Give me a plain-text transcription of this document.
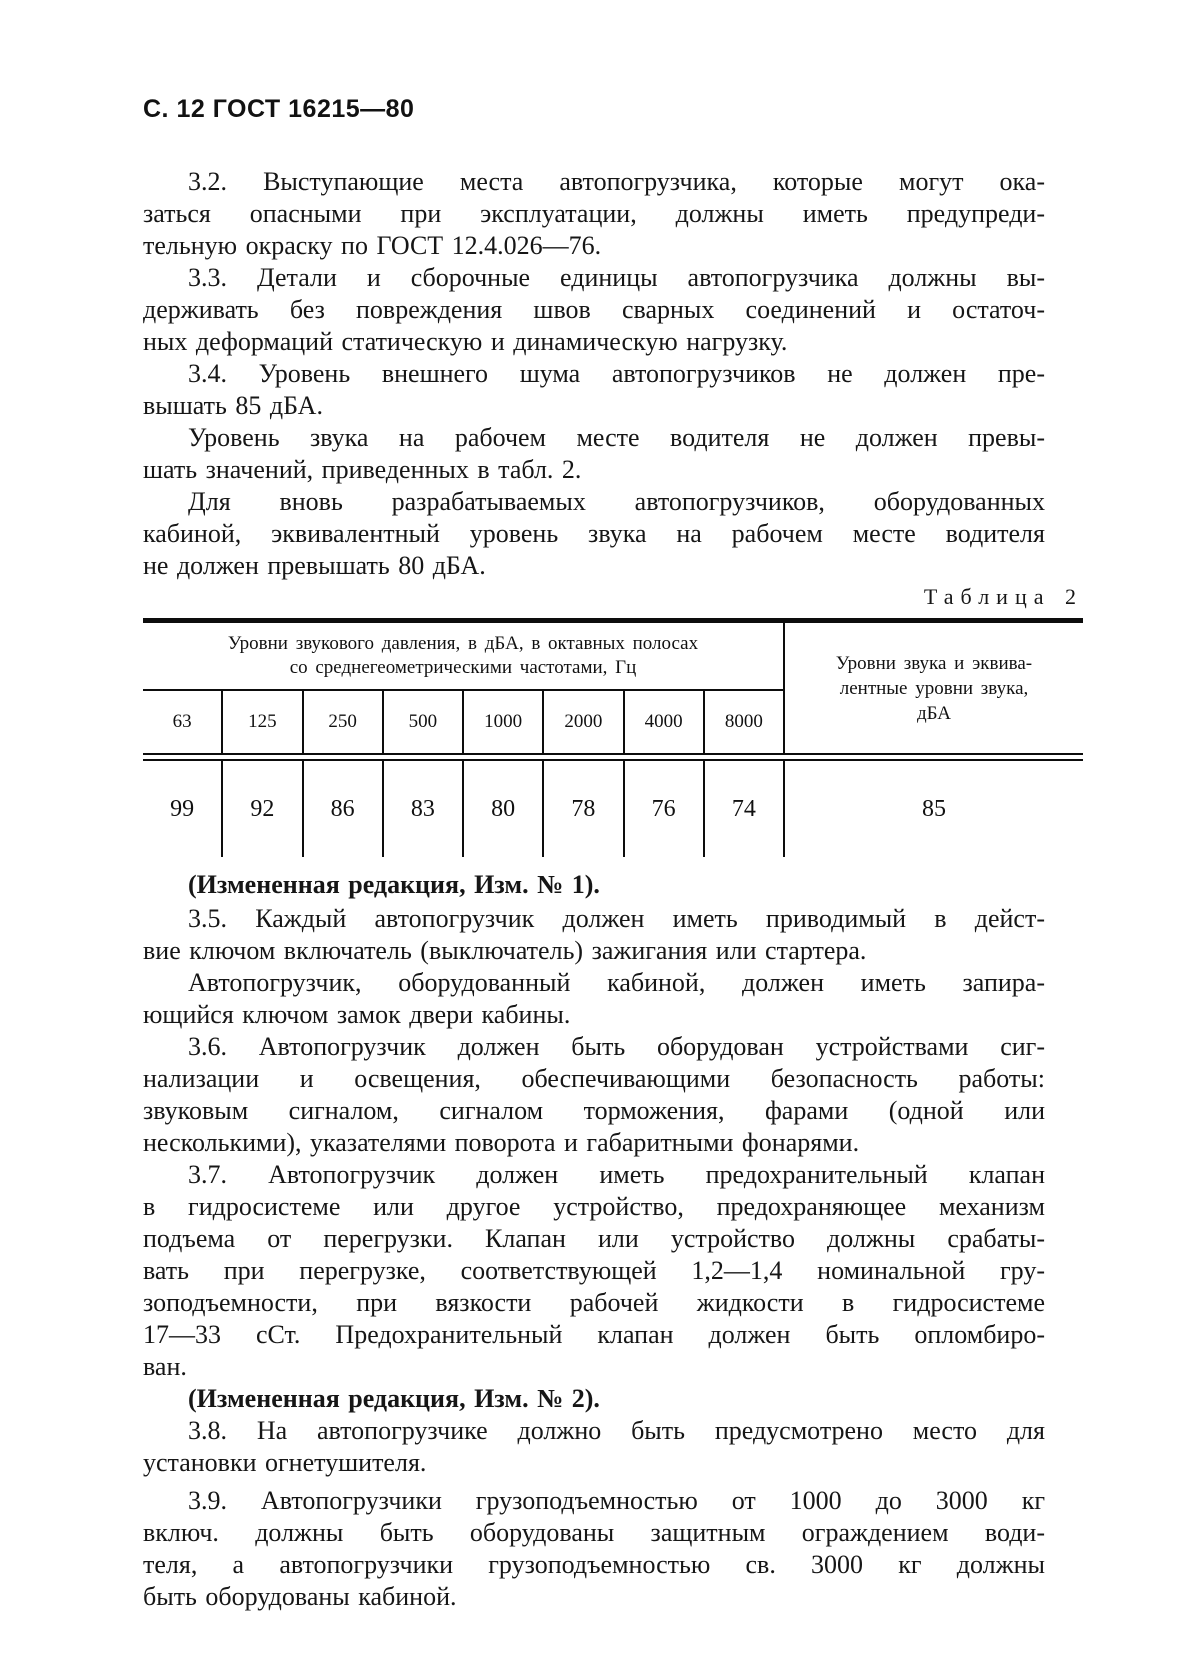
С. 12 ГОСТ 16215—80
3.2. Выступающие места автопогрузчика, которые могут ока-
заться опасными при эксплуатации, должны иметь предупреди-
тельную окраску по ГОСТ 12.4.026—76.
3.3. Детали и сборочные единицы автопогрузчика должны вы-
держивать без повреждения швов сварных соединений и остаточ-
ных деформаций статическую и динамическую нагрузку.
3.4. Уровень внешнего шума автопогрузчиков не должен пре-
вышать 85 дБА.
Уровень звука на рабочем месте водителя не должен превы-
шать значений, приведенных в табл. 2.
Для вновь разрабатываемых автопогрузчиков, оборудованных
кабиной, эквивалентный уровень звука на рабочем месте водителя
не должен превышать 80 дБА.
Таблица 2
Уровни звукового давления, в дБА, в октавных полосах
со среднегеометрическими частотами, Гц
63	125	250	500	1000	2000	4000	8000
Уровни звука и эквива-
лентные уровни звука,
дБА
99	92	86	83	80	78	76	74	85
(Измененная редакция, Изм. № 1).
3.5. Каждый автопогрузчик должен иметь приводимый в дейст-
вие ключом включатель (выключатель) зажигания или стартера.
Автопогрузчик, оборудованный кабиной, должен иметь запира-
ющийся ключом замок двери кабины.
3.6. Автопогрузчик должен быть оборудован устройствами сиг-
нализации и освещения, обеспечивающими безопасность работы:
звуковым сигналом, сигналом торможения, фарами (одной или
несколькими), указателями поворота и габаритными фонарями.
3.7. Автопогрузчик должен иметь предохранительный клапан
в гидросистеме или другое устройство, предохраняющее механизм
подъема от перегрузки. Клапан или устройство должны срабаты-
вать при перегрузке, соответствующей 1,2—1,4 номинальной гру-
зоподъемности, при вязкости рабочей жидкости в гидросистеме
17—33 сСт. Предохранительный клапан должен быть опломбиро-
ван.
(Измененная редакция, Изм. № 2).
3.8. На автопогрузчике должно быть предусмотрено место для
установки огнетушителя.
3.9. Автопогрузчики грузоподъемностью от 1000 до 3000 кг
включ. должны быть оборудованы защитным ограждением води-
теля, а автопогрузчики грузоподъемностью св. 3000 кг должны
быть оборудованы кабиной.
